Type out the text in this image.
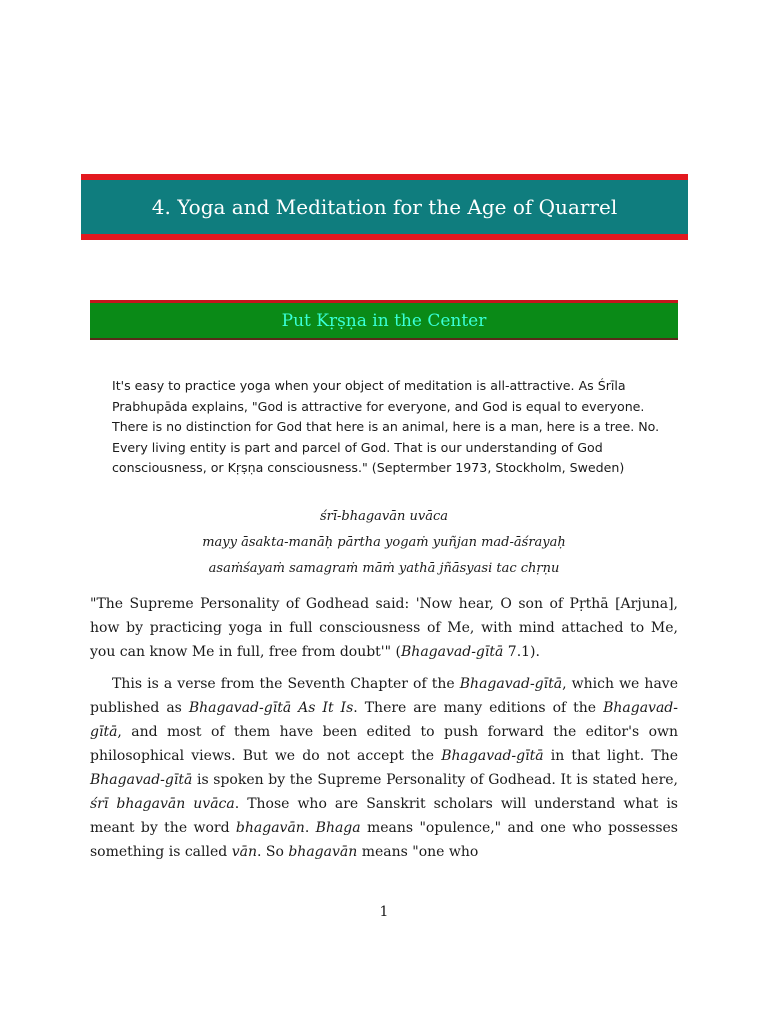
4. Yoga and Meditation for the Age of Quarrel
Put Kṛṣṇa in the Center

It's easy to practice yoga when your object of meditation is all-attractive. As Śrīla Prabhupāda explains, "God is attractive for everyone, and God is equal to everyone. There is no distinction for God that here is an animal, here is a man, here is a tree. No. Every living entity is part and parcel of God. That is our understanding of God consciousness, or Kṛṣṇa consciousness." (Septermber 1973, Stockholm, Sweden)

śrī-bhagavān uvāca
mayy āsakta-manāḥ pārtha yogaṁ yuñjan mad-āśrayaḥ
asaṁśayaṁ samagraṁ māṁ yathā jñāsyasi tac chṛṇu

"The Supreme Personality of Godhead said: 'Now hear, O son of Pṛthā [Arjuna], how by practicing yoga in full consciousness of Me, with mind attached to Me, you can know Me in full, free from doubt'" (Bhagavad-gītā 7.1).

This is a verse from the Seventh Chapter of the Bhagavad-gītā, which we have published as Bhagavad-gītā As It Is. There are many editions of the Bhagavad-gītā, and most of them have been edited to push forward the editor's own philosophical views. But we do not accept the Bhagavad-gītā in that light. The Bhagavad-gītā is spoken by the Supreme Personality of Godhead. It is stated here, śrī bhagavān uvāca. Those who are Sanskrit scholars will understand what is meant by the word bhagavān. Bhaga means "opulence," and one who possesses something is called vān. So bhagavān means "one who

1
